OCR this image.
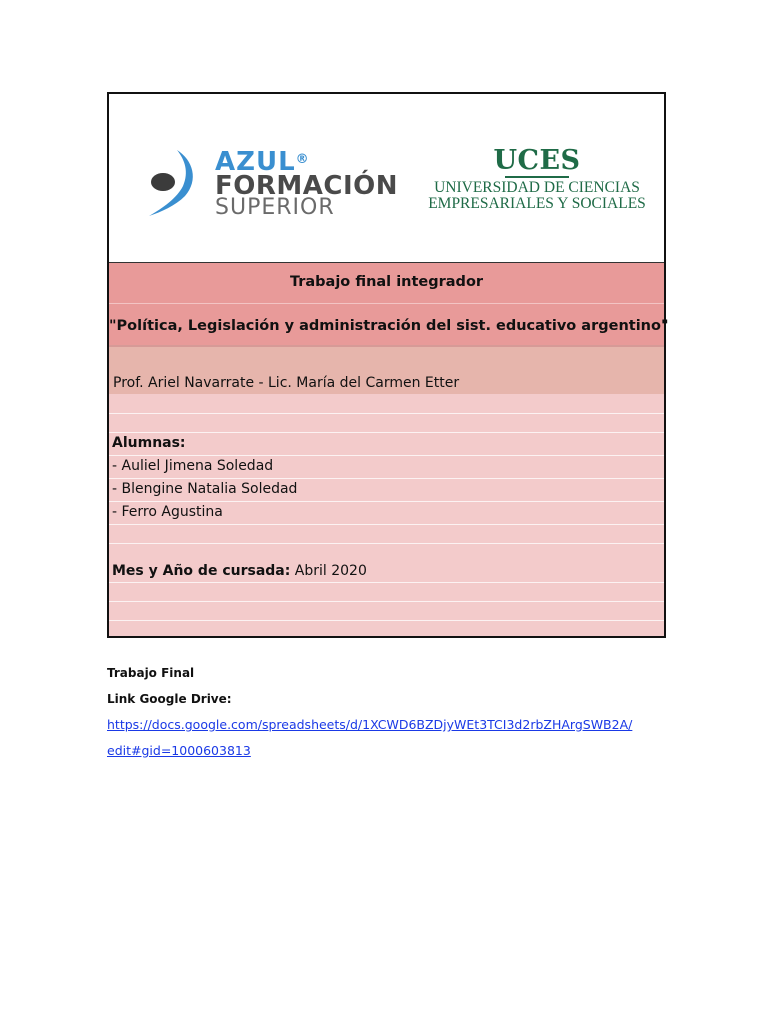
AZUL®
FORMACIÓN
SUPERIOR
UCES
UNIVERSIDAD DE CIENCIAS
EMPRESARIALES Y SOCIALES
Trabajo final integrador
"Política, Legislación y administración del sist. educativo argentino"
Prof. Ariel Navarrate - Lic. María del Carmen Etter
Alumnas:
- Auliel Jimena Soledad
- Blengine Natalia Soledad
- Ferro Agustina
Mes y Año de cursada: Abril 2020
Trabajo Final
Link Google Drive:
https://docs.google.com/spreadsheets/d/1XCWD6BZDjyWEt3TCI3d2rbZHArgSWB2A/
edit#gid=1000603813
